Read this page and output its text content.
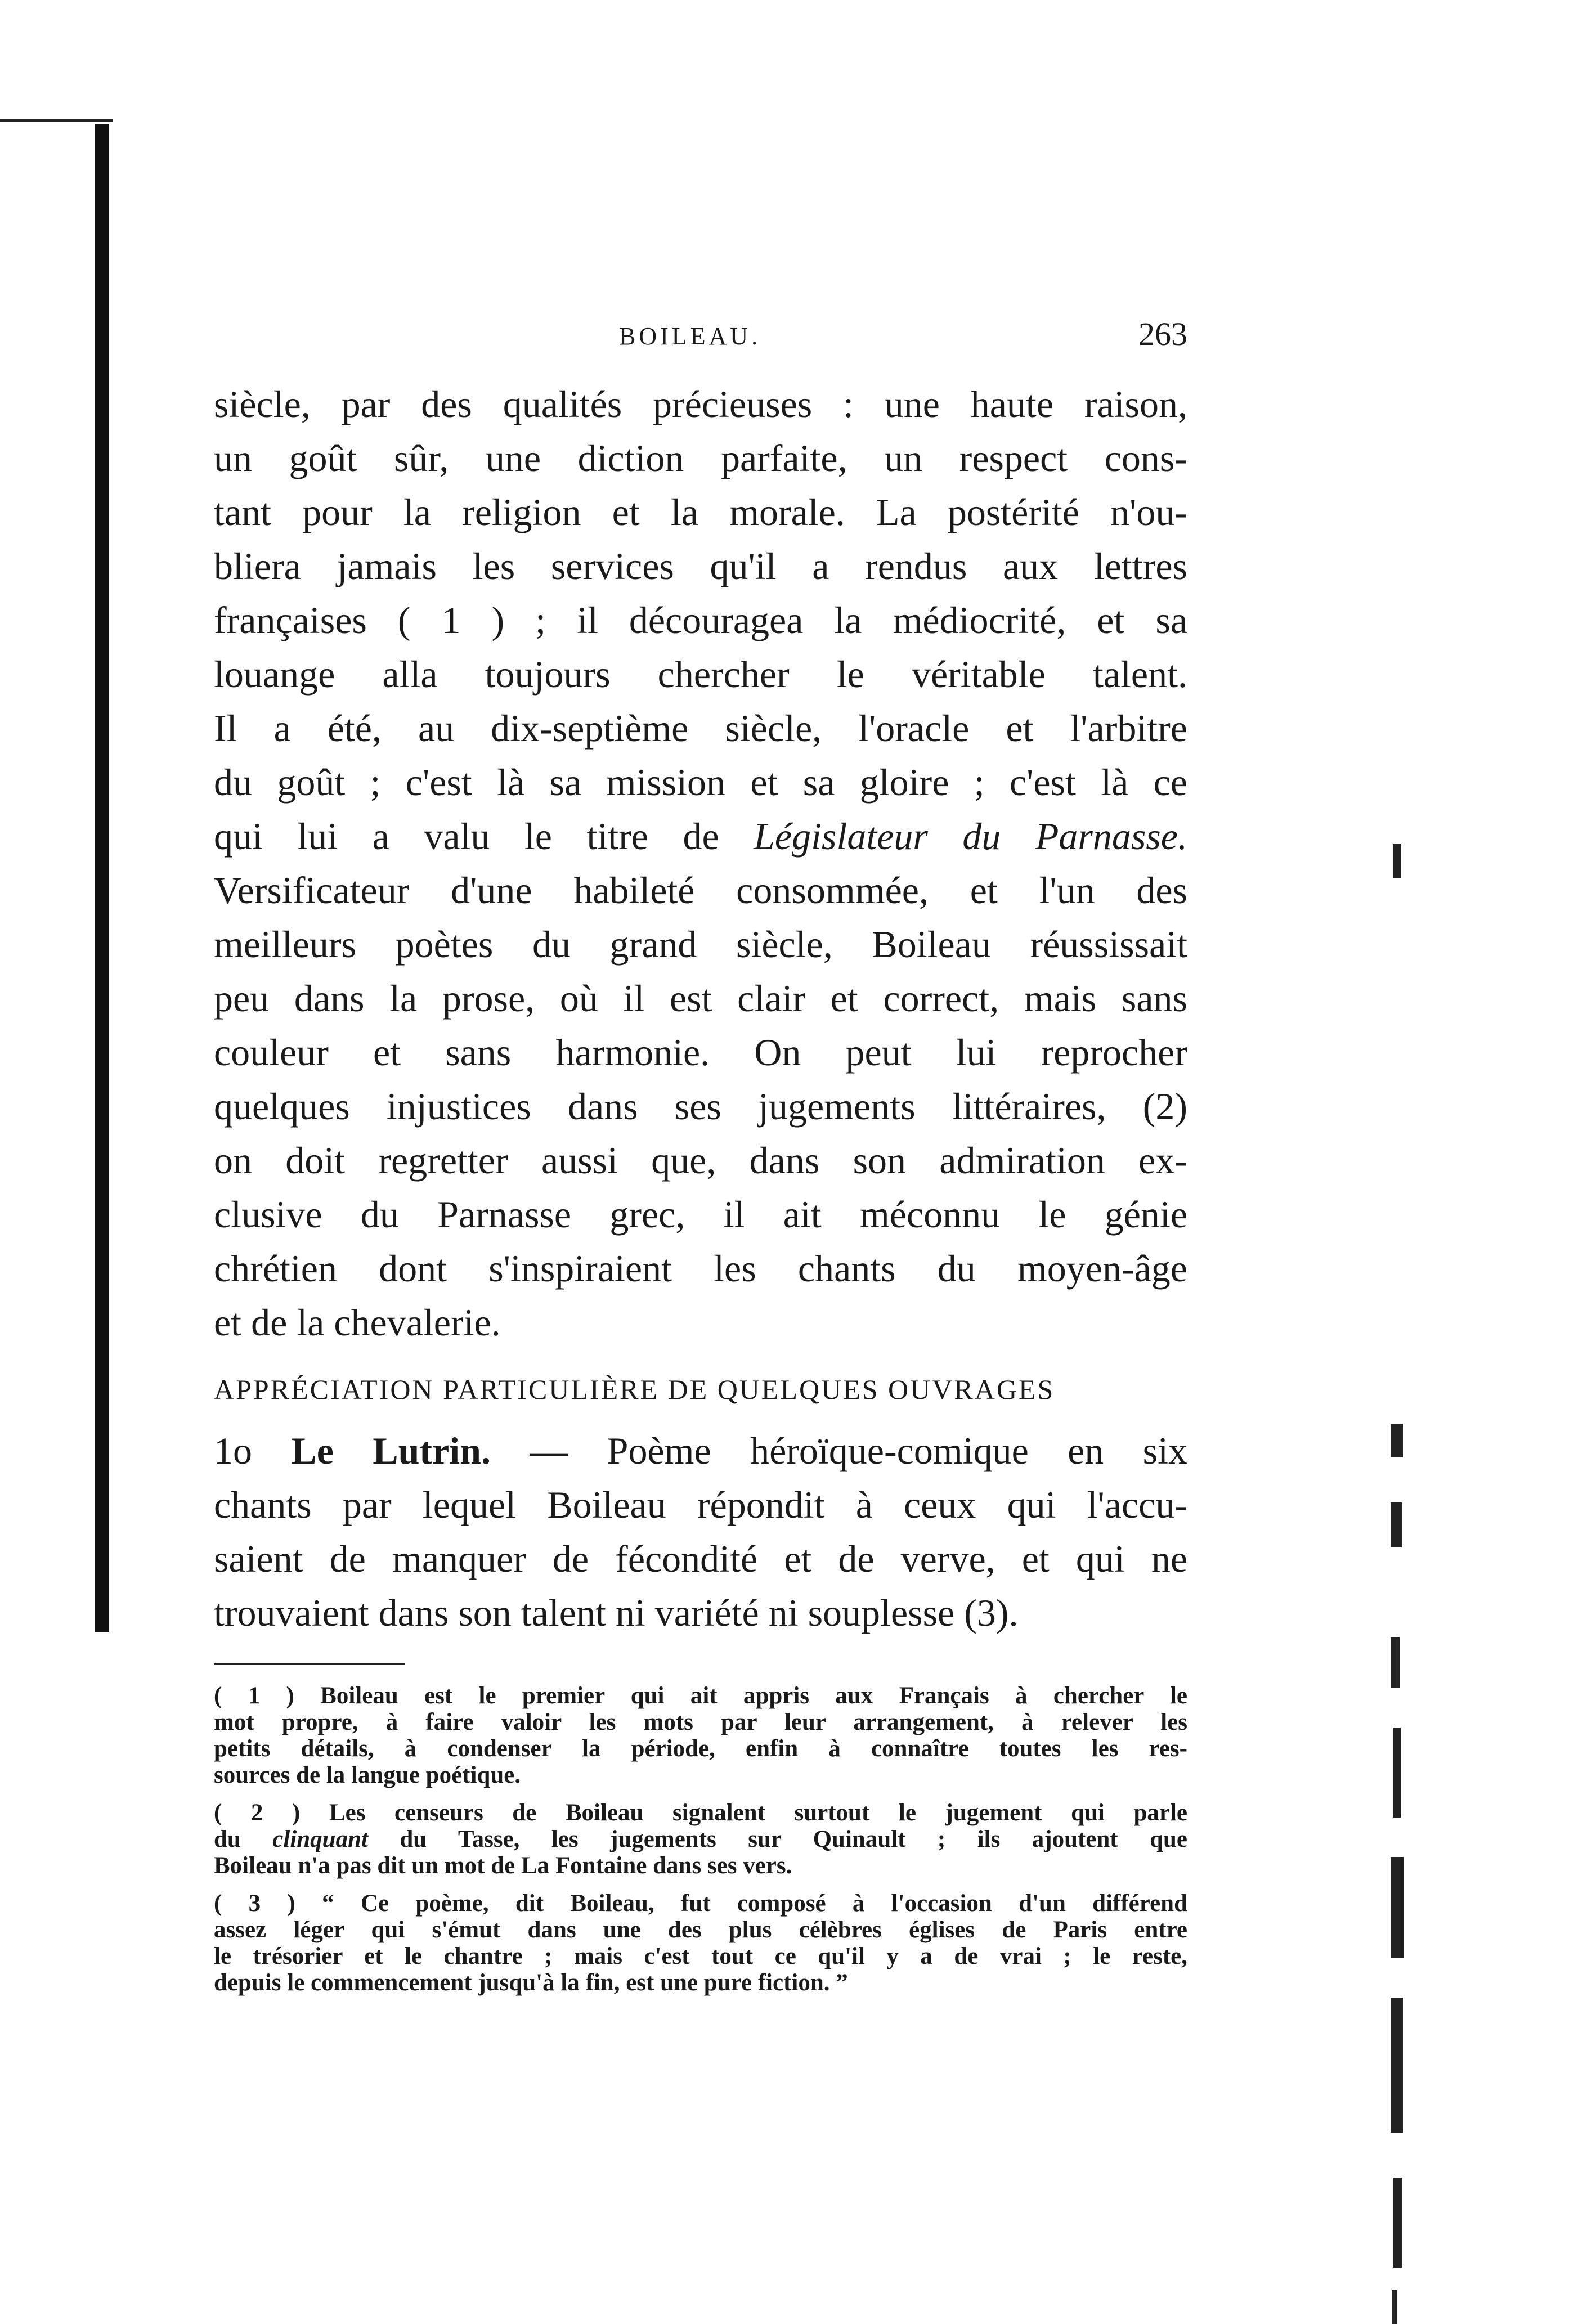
BOILEAU.	263
siècle, par des qualités précieuses : une haute raison,
un goût sûr, une diction parfaite, un respect cons-
tant pour la religion et la morale. La postérité n'ou-
bliera jamais les services qu'il a rendus aux lettres
françaises ( 1 ) ; il découragea la médiocrité, et sa
louange alla toujours chercher le véritable talent.
Il a été, au dix-septième siècle, l'oracle et l'arbitre
du goût ; c'est là sa mission et sa gloire ; c'est là ce
qui lui a valu le titre de Législateur du Parnasse.
Versificateur d'une habileté consommée, et l'un des
meilleurs poètes du grand siècle, Boileau réussissait
peu dans la prose, où il est clair et correct, mais sans
couleur et sans harmonie. On peut lui reprocher
quelques injustices dans ses jugements littéraires, (2)
on doit regretter aussi que, dans son admiration ex-
clusive du Parnasse grec, il ait méconnu le génie
chrétien dont s'inspiraient les chants du moyen-âge
et de la chevalerie.
APPRÉCIATION PARTICULIÈRE DE QUELQUES OUVRAGES
1o Le Lutrin. — Poème héroïque-comique en six
chants par lequel Boileau répondit à ceux qui l'accu-
saient de manquer de fécondité et de verve, et qui ne
trouvaient dans son talent ni variété ni souplesse (3).
( 1 ) Boileau est le premier qui ait appris aux Français à chercher le
mot propre, à faire valoir les mots par leur arrangement, à relever les
petits détails, à condenser la période, enfin à connaître toutes les res-
sources de la langue poétique.
( 2 ) Les censeurs de Boileau signalent surtout le jugement qui parle
du clinquant du Tasse, les jugements sur Quinault ; ils ajoutent que
Boileau n'a pas dit un mot de La Fontaine dans ses vers.
( 3 ) “ Ce poème, dit Boileau, fut composé à l'occasion d'un différend
assez léger qui s'émut dans une des plus célèbres églises de Paris entre
le trésorier et le chantre ; mais c'est tout ce qu'il y a de vrai ; le reste,
depuis le commencement jusqu'à la fin, est une pure fiction. ”
